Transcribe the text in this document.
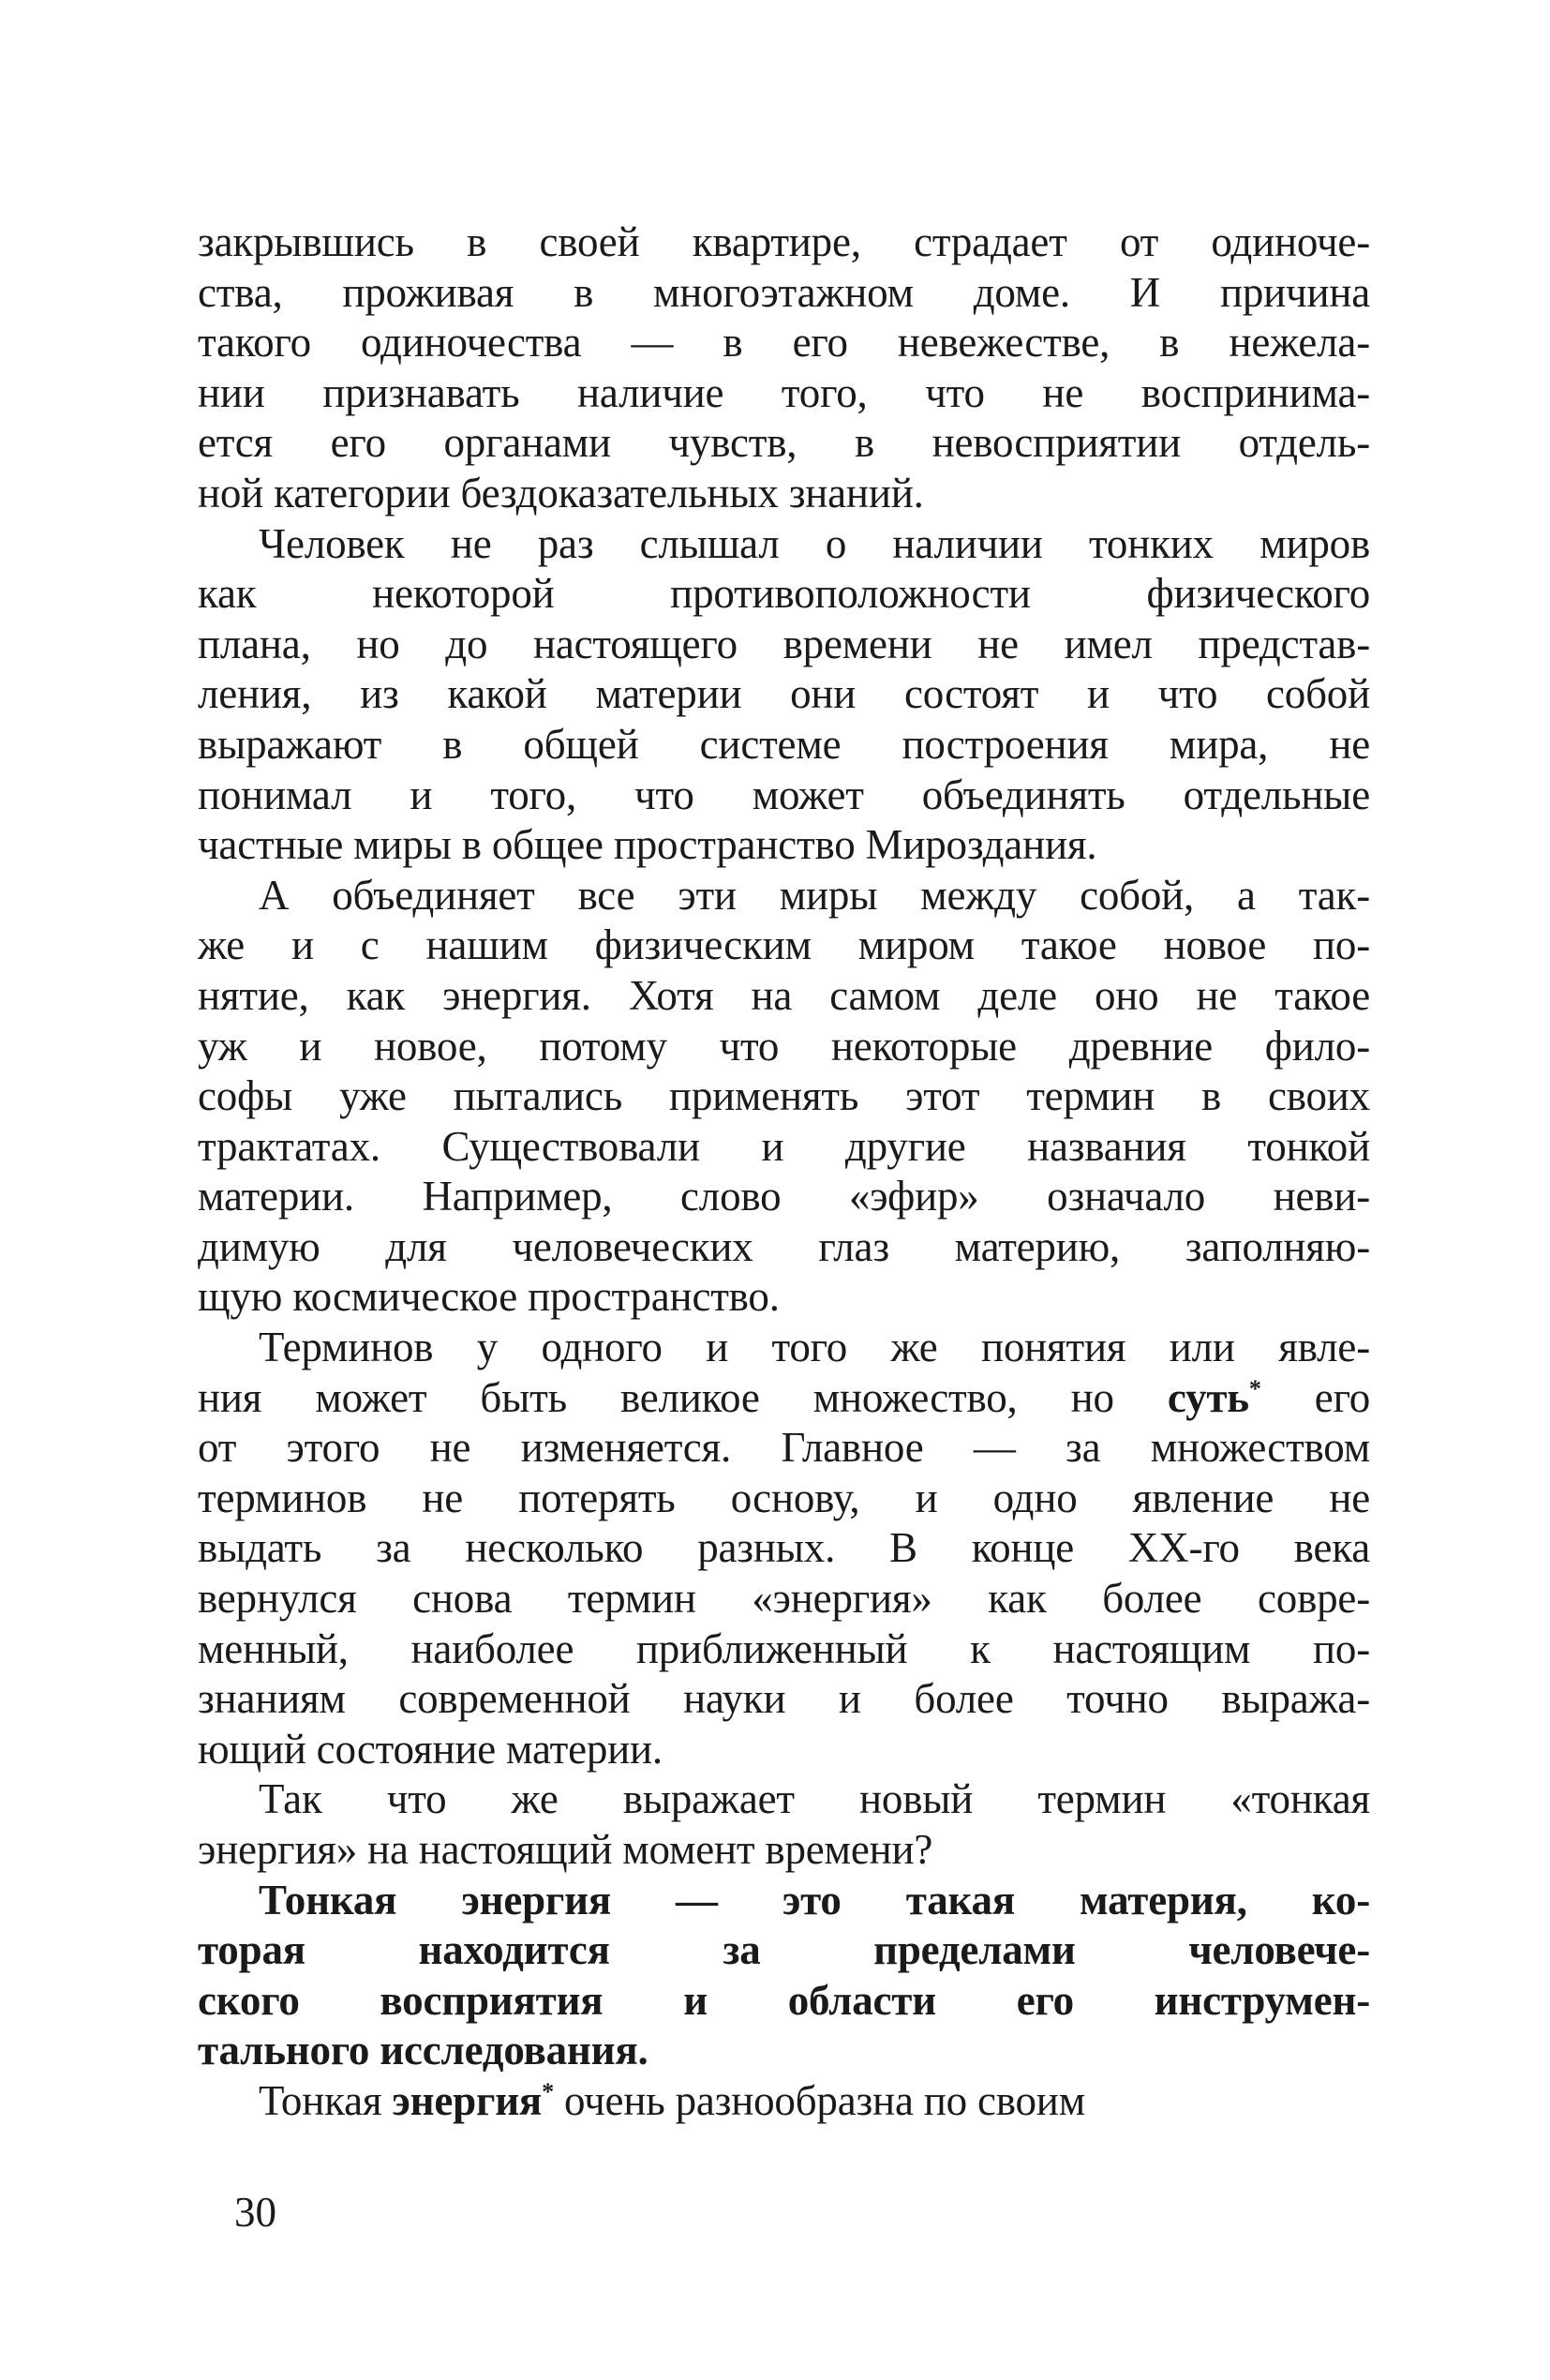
закрывшись в своей квартире, страдает от одиноче-
ства, проживая в многоэтажном доме. И причина
такого одиночества — в его невежестве, в нежела-
нии признавать наличие того, что не воспринима-
ется его органами чувств, в невосприятии отдель-
ной категории бездоказательных знаний.
Человек не раз слышал о наличии тонких миров
как некоторой противоположности физического
плана, но до настоящего времени не имел представ-
ления, из какой материи они состоят и что собой
выражают в общей системе построения мира, не
понимал и того, что может объединять отдельные
частные миры в общее пространство Мироздания.
А объединяет все эти миры между собой, а так-
же и с нашим физическим миром такое новое по-
нятие, как энергия. Хотя на самом деле оно не такое
уж и новое, потому что некоторые древние фило-
софы уже пытались применять этот термин в своих
трактатах. Существовали и другие названия тонкой
материи. Например, слово «эфир» означало неви-
димую для человеческих глаз материю, заполняю-
щую космическое пространство.
Терминов у одного и того же понятия или явле-
ния может быть великое множество, но суть* его
от этого не изменяется. Главное — за множеством
терминов не потерять основу, и одно явление не
выдать за несколько разных. В конце XX-го века
вернулся снова термин «энергия» как более совре-
менный, наиболее приближенный к настоящим по-
знаниям современной науки и более точно выража-
ющий состояние материи.
Так что же выражает новый термин «тонкая
энергия» на настоящий момент времени?
Тонкая энергия — это такая материя, ко-
торая находится за пределами человече-
ского восприятия и области его инструмен-
тального исследования.
Тонкая энергия* очень разнообразна по своим
30
